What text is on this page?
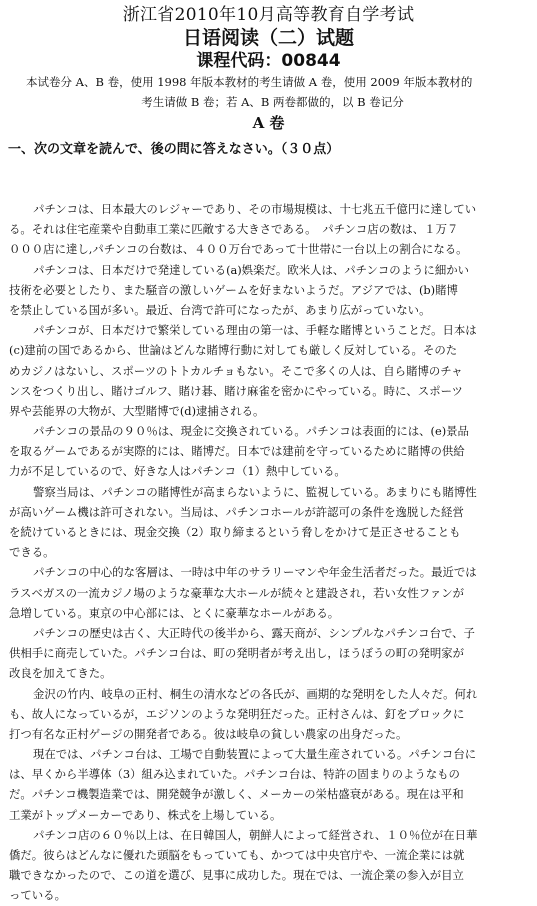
浙江省2010年10月高等教育自学考试
日语阅读（二）试题
课程代码：00844
本试卷分 A、B 卷，使用 1998 年版本教材的考生请做 A 卷，使用 2009 年版本教材的
考生请做 B 卷；若 A、B 两卷都做的，以 B 卷记分
A 卷
一、次の文章を読んで、後の問に答えなさい。（３０点）
パチンコは、日本最大のレジャーであり、その市場規模は、十七兆五千億円に達してい
る。それは住宅産業や自動車工業に匹敵する大きさである。　パチンコ店の数は、１万７
０００店に達し,パチンコの台数は、４００万台であって十世帯に一台以上の割合になる。
パチンコは、日本だけで発達している(a)娯楽だ。欧米人は、パチンコのように細かい
技術を必要としたり、また騒音の激しいゲームを好まないようだ。アジアでは、(b)賭博
を禁止している国が多い。最近、台湾で許可になったが、あまり広がっていない。
パチンコが、日本だけで繁栄している理由の第一は、手軽な賭博ということだ。日本は
(c)建前の国であるから、世論はどんな賭博行動に対しても厳しく反対している。そのた
めカジノはないし、スポーツのトトカルチョもない。そこで多くの人は、自ら賭博のチャ
ンスをつくり出し、賭けゴルフ、賭け碁、賭け麻雀を密かにやっている。時に、スポーツ
界や芸能界の大物が、大型賭博で(d)逮捕される。
パチンコの景品の９０％は、現金に交換されている。パチンコは表面的には、(e)景品
を取るゲームであるが実際的には、賭博だ。日本では建前を守っているために賭博の供給
力が不足しているので、好きな人はパチンコ（1）熱中している。
警察当局は、パチンコの賭博性が高まらないように、監視している。あまりにも賭博性
が高いゲーム機は許可されない。当局は、パチンコホールが許認可の条件を逸脱した経営
を続けているときには、現金交換（2）取り締まるという脅しをかけて是正させることも
できる。
パチンコの中心的な客層は、一時は中年のサラリーマンや年金生活者だった。最近では
ラスベガスの一流カジノ場のような豪華な大ホールが続々と建設され，若い女性ファンが
急増している。東京の中心部には、とくに豪華なホールがある。
パチンコの歴史は古く、大正時代の後半から、露天商が、シンプルなパチンコ台で、子
供相手に商売していた。パチンコ台は、町の発明者が考え出し，ほうぼうの町の発明家が
改良を加えてきた。
金沢の竹内、岐阜の正村、桐生の清水などの各氏が、画期的な発明をした人々だ。何れ
も、故人になっているが，エジソンのような発明狂だった。正村さんは、釘をブロックに
打つ有名な正村ゲージの開発者である。彼は岐阜の貧しい農家の出身だった。
現在では、パチンコ台は、工場で自動装置によって大量生産されている。パチンコ台に
は、早くから半導体（3）組み込まれていた。パチンコ台は、特許の固まりのようなもの
だ。パチンコ機製造業では、開発競争が激しく、メーカーの栄枯盛衰がある。現在は平和
工業がトップメーカーであり、株式を上場している。
パチンコ店の６０％以上は、在日韓国人，朝鮮人によって経営され、１０％位が在日華
僑だ。彼らはどんなに優れた頭脳をもっていても、かつては中央官庁や、一流企業には就
職できなかったので、この道を選び、見事に成功した。現在では、一流企業の参入が目立
っている。
